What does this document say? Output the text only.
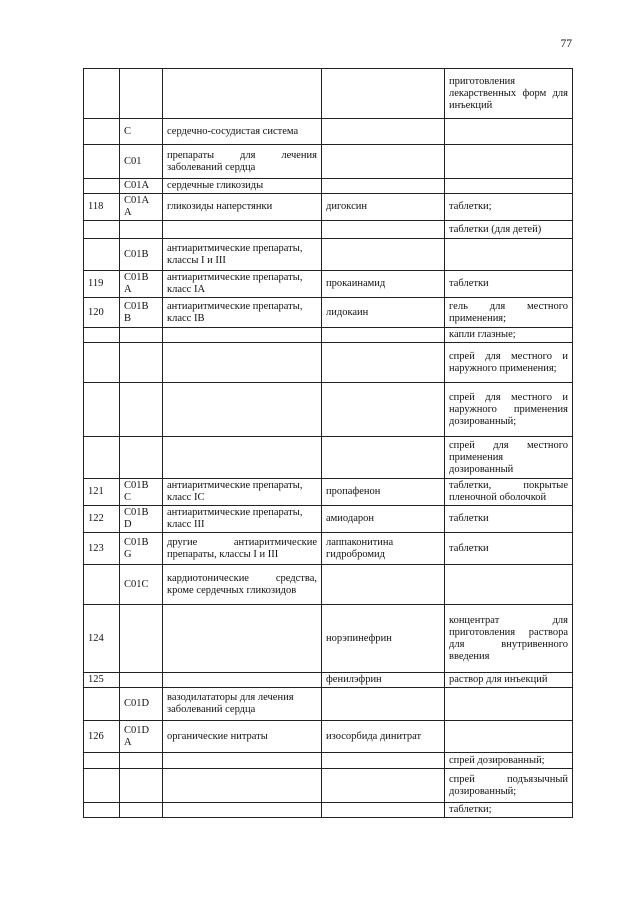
77
				приготовления лекарственных форм для инъекций
	C	сердечно-сосудистая система		
	C01	препараты для лечения заболеваний сердца		
	C01A	сердечные гликозиды		
118	C01A A	гликозиды наперстянки	дигоксин	таблетки;
				таблетки (для детей)
	C01B	антиаритмические препараты, классы I и III		
119	C01B A	антиаритмические препараты, класс IA	прокаинамид	таблетки
120	C01B B	антиаритмические препараты, класс IB	лидокаин	гель для местного применения;
				капли глазные;
				спрей для местного и наружного применения;
				спрей для местного и наружного применения дозированный;
				спрей для местного применения дозированный
121	C01B C	антиаритмические препараты, класс IC	пропафенон	таблетки, покрытые пленочной оболочкой
122	C01B D	антиаритмические препараты, класс III	амиодарон	таблетки
123	C01B G	другие антиаритмические препараты, классы I и III	лаппаконитина гидробромид	таблетки
	C01C	кардиотонические средства, кроме сердечных гликозидов		
124			норэпинефрин	концентрат для приготовления раствора для внутривенного введения
125			фенилэфрин	раствор для инъекций
	C01D	вазодилататоры для лечения заболеваний сердца		
126	C01D A	органические нитраты	изосорбида динитрат	
				спрей дозированный;
				спрей подъязычный дозированный;
				таблетки;
